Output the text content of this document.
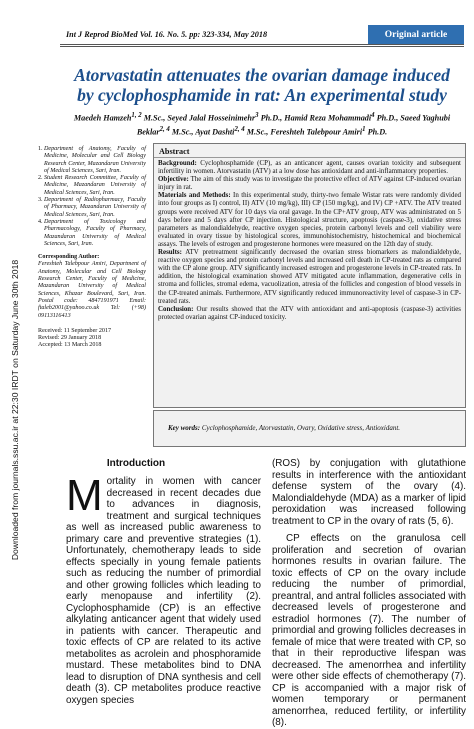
Int J Reprod BioMed Vol. 16. No. 5. pp: 323-334, May 2018	Original article
Downloaded from journals.ssu.ac.ir at 22:30 IRDT on Saturday June 30th 2018
Atorvastatin attenuates the ovarian damage induced
by cyclophosphamide in rat: An experimental study
Maedeh Hamzeh$^{1, 2}$ M.Sc., Seyed Jalal Hosseinimehr$^3$ Ph.D., Hamid Reza Mohammadi$^4$ Ph.D., Saeed Yaghubi Beklar$^{2, 4}$ M.Sc., Ayat Dashti$^{2, 4}$ M.Sc., Fereshteh Talebpour Amiri$^1$ Ph.D.
1. Department of Anatomy, Faculty of Medicine, Molecular and Cell Biology Research Center, Mazandaran University of Medical Sciences, Sari, Iran.
2. Student Research Committee, Faculty of Medicine, Mazandaran University of Medical Sciences, Sari, Iran.
3. Department of Radiopharmacy, Faculty of Pharmacy, Mazandaran University of Medical Sciences, Sari, Iran.
4. Department of Toxicology and Pharmacology, Faculty of Pharmacy, Mazandaran University of Medical Sciences, Sari, Iran.
Corresponding Author:
Fereshteh Talebpour Amiri, Department of Anatomy, Molecular and Cell Biology Research Center, Faculty of Medicine, Mazandaran University of Medical Sciences, Khazar Boulevard, Sari, Iran. Postal code: 4847191971 Email: ftaleb2001@yahoo.co.uk Tel: (+98) 09113116413
Received: 11 September 2017
Revised: 29 January 2018
Accepted: 13 March 2018
Abstract

Background: Cyclophosphamide (CP), as an anticancer agent, causes ovarian toxicity and subsequent infertility in women. Atorvastatin (ATV) at a low dose has antioxidant and anti-inflammatory properties.

Objective: The aim of this study was to investigate the protective effect of ATV against CP-induced ovarian injury in rat.

Materials and Methods: In this experimental study, thirty-two female Wistar rats were randomly divided into four groups as I) control, II) ATV (10 mg/kg), III) CP (150 mg/kg), and IV) CP +ATV. The ATV treated groups were received ATV for 10 days via oral gavage. In the CP+ATV group, ATV was administrated on 5 days before and 5 days after CP injection. Histological structure, apoptosis (caspase-3), oxidative stress parameters as malondialdehyde, reactive oxygen species, protein carbonyl levels and cell viability were evaluated in ovary tissue by histological scores, immunohistochemistry, histochemical and biochemical assays. The levels of estrogen and progesterone hormones were measured on the 12th day of study.

Results: ATV pretreatment significantly decreased the ovarian stress biomarkers as malondialdehyde, reactive oxygen species and protein carbonyl levels and increased cell death in CP-treated rats as compared with the CP alone group. ATV significantly increased estrogen and progesterone levels in CP-treated rats. In addition, the histological examination showed ATV mitigated acute inflammation, degenerative cells in stroma and follicles, stromal edema, vacuolization, atresia of the follicles and congestion of blood vessels in the CP-treated animals. Furthermore, ATV significantly reduced immunoreactivity level of caspase-3 in CP-treated rats.

Conclusion: Our results showed that the ATV with antioxidant and anti-apoptosis (caspase-3) activities protected ovarian against CP-induced toxicity.

Key words: Cyclophosphamide, Atorvastatin, Ovary, Oxidative stress, Antioxidant.
Introduction
Mortality in women with cancer decreased in recent decades due to advances in diagnosis, treatment and surgical techniques as well as increased public awareness to primary care and preventive strategies (1). Unfortunately, chemotherapy leads to side effects specially in young female patients such as reducing the number of primordial and other growing follicles which leading to early menopause and infertility (2). Cyclophosphamide (CP) is an effective alkylating anticancer agent that widely used in patients with cancer. Therapeutic and toxic effects of CP are related to its active metabolites as acrolein and phosphoramide mustard. These metabolites bind to DNA lead to disruption of DNA synthesis and cell death (3). CP metabolites produce reactive oxygen species

(ROS) by conjugation with glutathione results in interference with the antioxidant defense system of the ovary (4). Malondialdehyde (MDA) as a marker of lipid peroxidation was increased following treatment to CP in the ovary of rats (5, 6).

CP effects on the granulosa cell proliferation and secretion of ovarian hormones results in ovarian failure. The toxic effects of CP on the ovary include reducing the number of primordial, preantral, and antral follicles associated with decreased levels of progesterone and estradiol hormones (7). The number of primordial and growing follicles decreases in female of mice that were treated with CP, so that in their reproductive lifespan was decreased. The amenorrhea and infertility were other side effects of chemotherapy (7). CP is accompanied with a major risk of women temporary or permanent amenorrhea, reduced fertility, or infertility (8).
